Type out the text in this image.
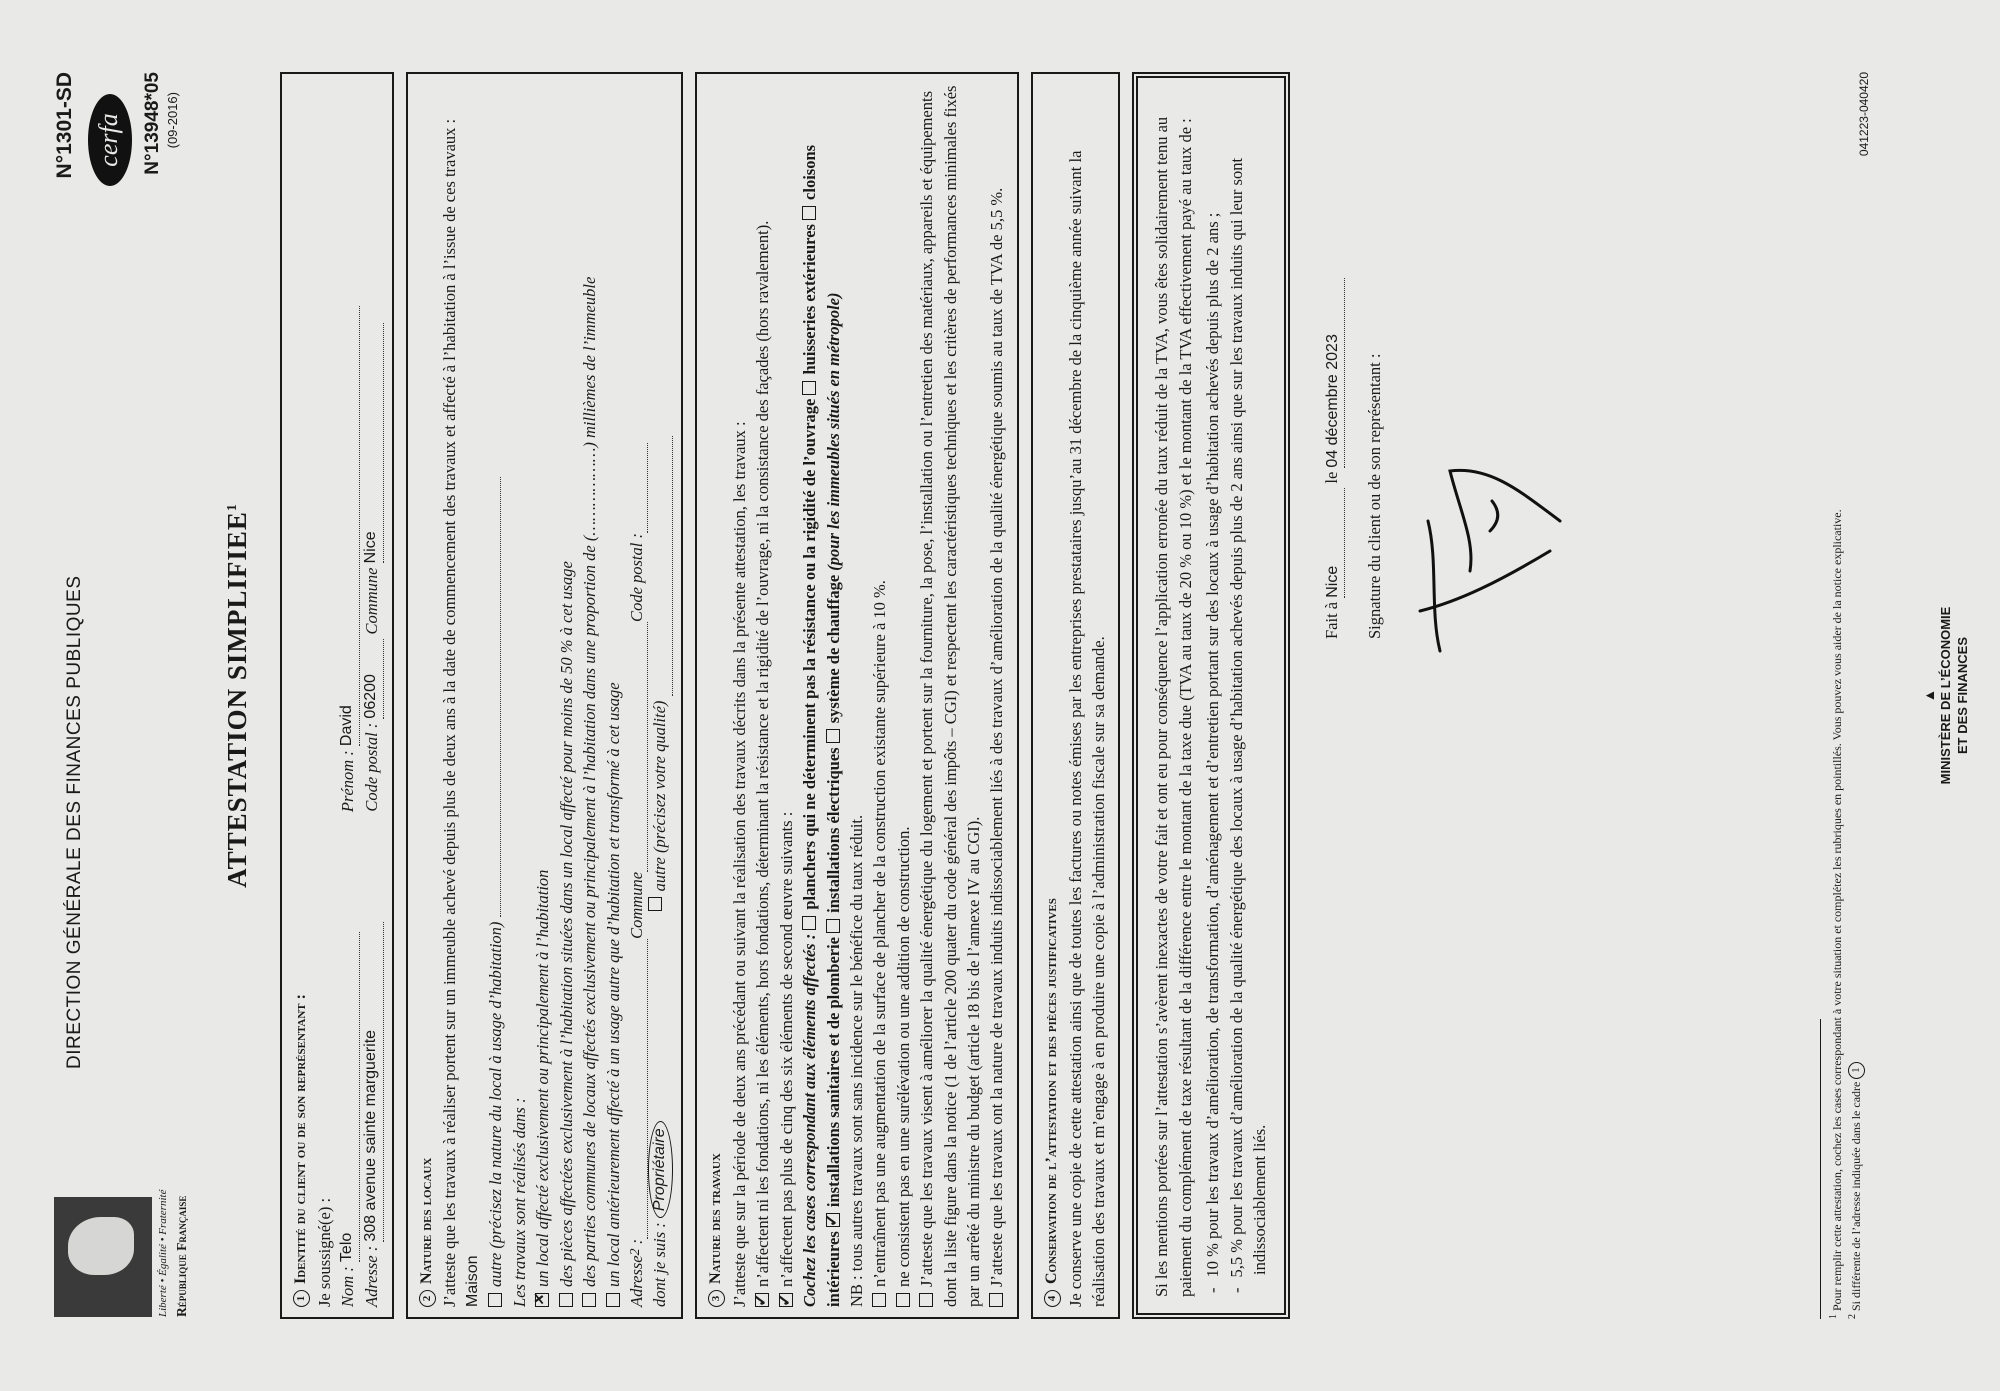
Liberté • Égalité • Fraternité République Française
DIRECTION GÉNÉRALE DES FINANCES PUBLIQUES
N°1301-SD cerfa	N°13948*05 (09-2016)
ATTESTATION SIMPLIFIEE$^1$

1Identité du client ou de son représentant : Je soussigné(e) : Nom :

Telo
Prénom :

David
Adresse :

308 avenue sainte marguerite
Code postal :

06200

Commune

Nice

2Nature des locaux J’atteste que les travaux à réaliser portent sur un immeuble achevé depuis plus de deux ans à la date de commencement des travaux et affecté à l’habitation à l’issue de ces travaux : Maison autre (précisez la nature du local à usage d’habitation) Les travaux sont réalisés dans :

✕ un local affecté exclusivement ou principalement à l’habitation des pièces affectées exclusivement à l’habitation situées dans un local affecté pour moins de 50 % à cet usage des parties communes de locaux affectés exclusivement ou principalement à l’habitation dans une proportion de (………………) millièmes de l’immeuble un local antérieurement affecté à un usage autre que d’habitation et transformé à cet usage Adresse
2
:
Commune
Code postal :
dont je suis :

Propriétaire
autre (précisez votre qualité)

3Nature des travaux J’atteste que sur la période de deux ans précédant ou suivant la réalisation des travaux décrits dans la présente attestation, les travaux :

✓ n’affectent ni les fondations, ni les éléments, hors fondations, déterminant la résistance et la rigidité de l’ouvrage, ni la consistance des façades (hors ravalement).

✓ n’affectent pas plus de cinq des six éléments de second œuvre suivants : Cochez les cases correspondant aux éléments affectés : planchers qui ne déterminent pas la résistance ou la rigidité de l’ouvrage huisseries extérieures cloisons intérieures ✓installations sanitaires et de plomberie installations électriques système de chauffage (pour les immeubles situés en métropole)

NB : tous autres travaux sont sans incidence sur le bénéfice du taux réduit. n’entraînent pas une augmentation de la surface de plancher de la construction existante supérieure à 10 %. ne consistent pas en une surélévation ou une addition de construction. J’atteste que les travaux visent à améliorer la qualité énergétique du logement et portent sur la fourniture, la pose, l’installation ou l’entretien des matériaux, appareils et équipements dont la liste figure dans la notice (1 de l’article 200 quater du code général des impôts – CGI) et respectent les caractéristiques techniques et les critères de performances minimales fixés par un arrêté du ministre du budget (article 18 bis de l’annexe IV au CGI). J’atteste que les travaux ont la nature de travaux induits indissociablement liés à des travaux d’amélioration de la qualité énergétique soumis au taux de TVA de 5,5 %.

4Conservation de l’attestation et des pièces justificatives Je conserve une copie de cette attestation ainsi que de toutes les factures ou notes émises par les entreprises prestataires jusqu’au 31 décembre de la cinquième année suivant la réalisation des travaux et m’engage à en produire une copie à l’administration fiscale sur sa demande.	Si les mentions portées sur l’attestation s’avèrent inexactes de votre fait et ont eu pour conséquence l’application erronée du taux réduit de la TVA, vous êtes solidairement tenu au paiement du complément de taxe résultant de la différence entre le montant de la taxe due (TVA au taux de 20 % ou 10 %) et le montant de la TVA effectivement payé au taux de : - 10 % pour les travaux d’amélioration, de transformation, d’aménagement et d’entretien portant sur des locaux à usage d’habitation achevés depuis plus de 2 ans ; - 5,5 % pour les travaux d’amélioration de la qualité énergétique des locaux à usage d’habitation achevés depuis plus de 2 ans ainsi que sur les travaux induits qui leur sont indissociablement liés.

Fait à Nice le 04 décembre 2023 Signature du client ou de son représentant :

$^1$ Pour remplir cette attestation, cochez les cases correspondant à votre situation et complétez les rubriques en pointillés. Vous pouvez vous aider de la notice explicative.
$^2$ Si différente de l’adresse indiquée dans le cadre 1
041223-040420
▲ MINISTÈRE DE L’ÉCONOMIE ET DES FINANCES
